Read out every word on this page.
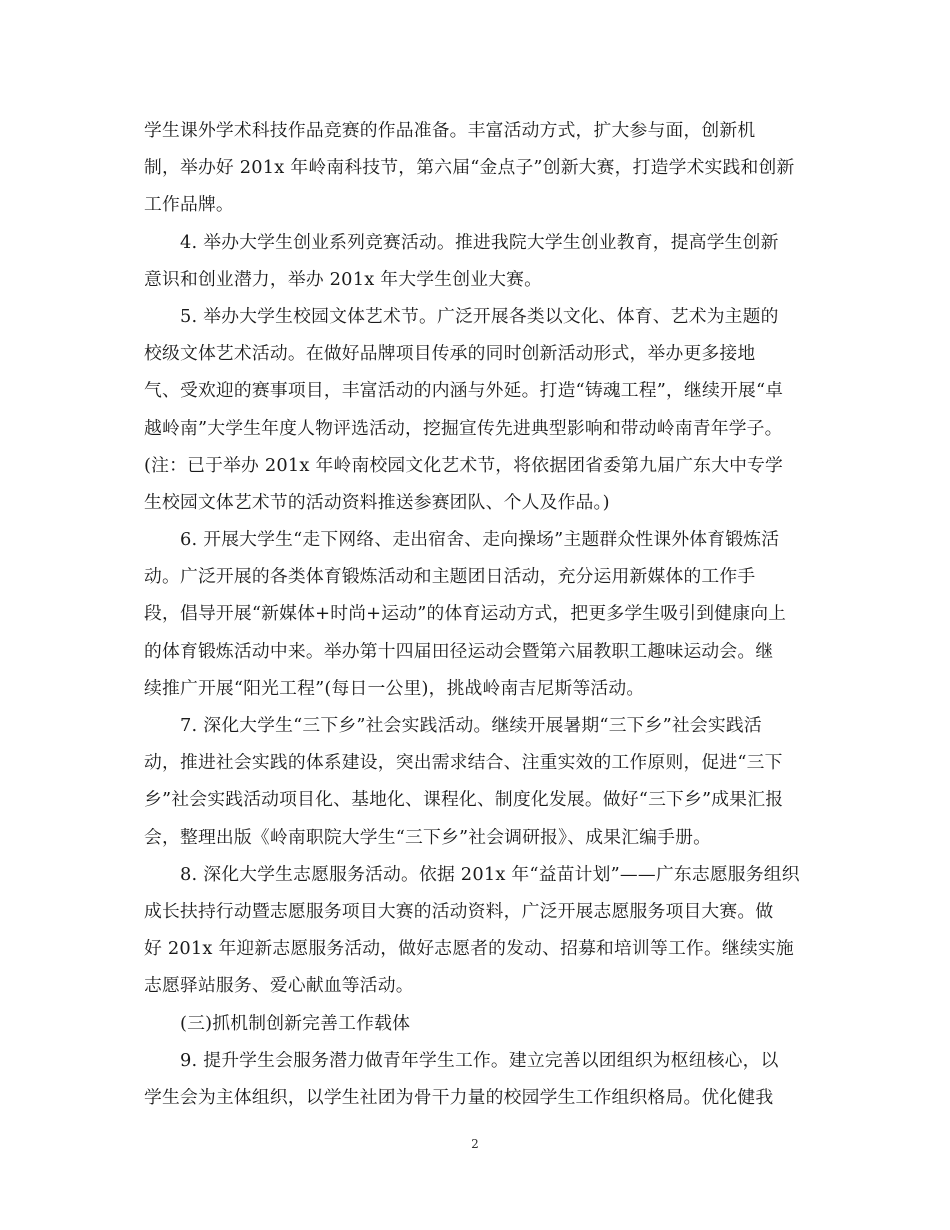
学生课外学术科技作品竞赛的作品准备。丰富活动方式，扩大参与面，创新机
制，举办好 201x 年岭南科技节，第六届“金点子”创新大赛，打造学术实践和创新
工作品牌。
4. 举办大学生创业系列竞赛活动。推进我院大学生创业教育，提高学生创新
意识和创业潜力，举办 201x 年大学生创业大赛。
5. 举办大学生校园文体艺术节。广泛开展各类以文化、体育、艺术为主题的
校级文体艺术活动。在做好品牌项目传承的同时创新活动形式，举办更多接地
气、受欢迎的赛事项目，丰富活动的内涵与外延。打造“铸魂工程”，继续开展“卓
越岭南”大学生年度人物评选活动，挖掘宣传先进典型影响和带动岭南青年学子。
(注：已于举办 201x 年岭南校园文化艺术节，将依据团省委第九届广东大中专学
生校园文体艺术节的活动资料推送参赛团队、个人及作品。)
6. 开展大学生“走下网络、走出宿舍、走向操场”主题群众性课外体育锻炼活
动。广泛开展的各类体育锻炼活动和主题团日活动，充分运用新媒体的工作手
段，倡导开展“新媒体+时尚+运动”的体育运动方式，把更多学生吸引到健康向上
的体育锻炼活动中来。举办第十四届田径运动会暨第六届教职工趣味运动会。继
续推广开展“阳光工程”(每日一公里)，挑战岭南吉尼斯等活动。
7. 深化大学生“三下乡”社会实践活动。继续开展暑期“三下乡”社会实践活
动，推进社会实践的体系建设，突出需求结合、注重实效的工作原则，促进“三下
乡”社会实践活动项目化、基地化、课程化、制度化发展。做好“三下乡”成果汇报
会，整理出版《岭南职院大学生“三下乡”社会调研报》、成果汇编手册。
8. 深化大学生志愿服务活动。依据 201x 年“益苗计划”——广东志愿服务组织
成长扶持行动暨志愿服务项目大赛的活动资料，广泛开展志愿服务项目大赛。做
好 201x 年迎新志愿服务活动，做好志愿者的发动、招募和培训等工作。继续实施
志愿驿站服务、爱心献血等活动。
(三)抓机制创新完善工作载体
9. 提升学生会服务潜力做青年学生工作。建立完善以团组织为枢纽核心，以
学生会为主体组织，以学生社团为骨干力量的校园学生工作组织格局。优化健我
2
